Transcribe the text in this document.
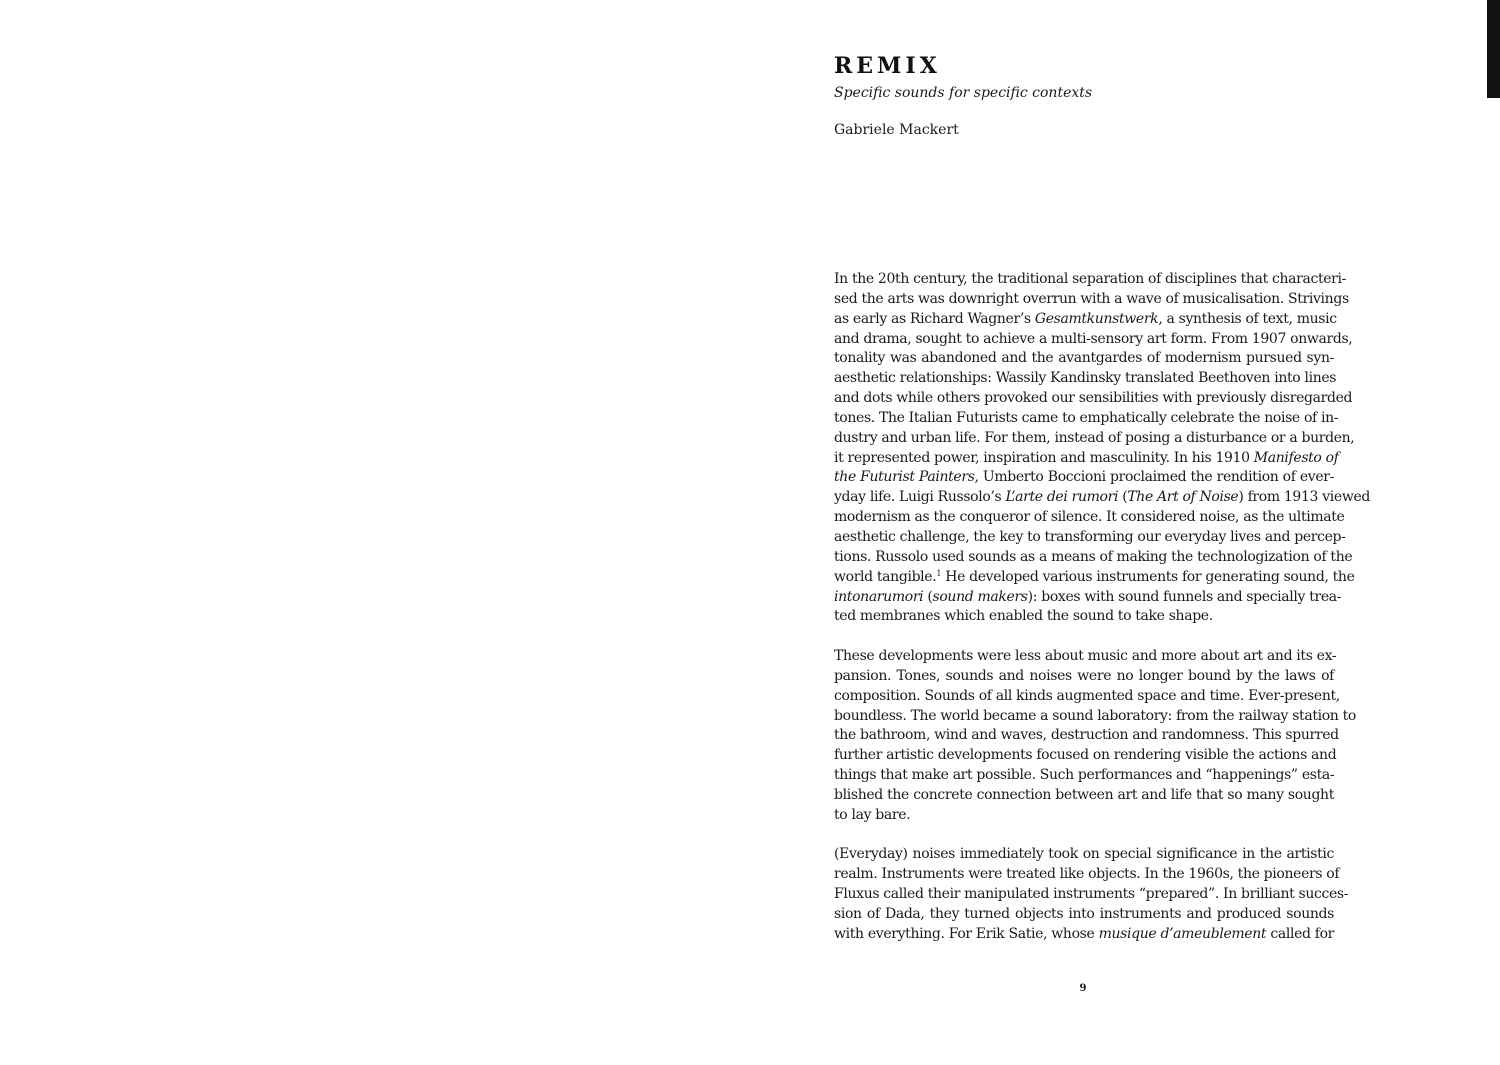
REMIX

Specific sounds for specific contexts

Gabriele Mackert

In the 20th century, the traditional separation of disciplines that characteri-
sed the arts was downright overrun with a wave of musicalisation. Strivings
as early as Richard Wagner’s Gesamtkunstwerk, a synthesis of text, music
and drama, sought to achieve a multi-sensory art form. From 1907 onwards,
tonality was abandoned and the avantgardes of modernism pursued syn-
aesthetic relationships: Wassily Kandinsky translated Beethoven into lines
and dots while others provoked our sensibilities with previously disregarded
tones. The Italian Futurists came to emphatically celebrate the noise of in-
dustry and urban life. For them, instead of posing a disturbance or a burden,
it represented power, inspiration and masculinity. In his 1910 Manifesto of
the Futurist Painters, Umberto Boccioni proclaimed the rendition of ever-
yday life. Luigi Russolo’s L’arte dei rumori (The Art of Noise) from 1913 viewed
modernism as the conqueror of silence. It considered noise, as the ultimate
aesthetic challenge, the key to transforming our everyday lives and percep-
tions. Russolo used sounds as a means of making the technologization of the
world tangible.$^1$ He developed various instruments for generating sound, the
intonarumori (sound makers): boxes with sound funnels and specially trea-
ted membranes which enabled the sound to take shape.
These developments were less about music and more about art and its ex-
pansion. Tones, sounds and noises were no longer bound by the laws of
composition. Sounds of all kinds augmented space and time. Ever-present,
boundless. The world became a sound laboratory: from the railway station to
the bathroom, wind and waves, destruction and randomness. This spurred
further artistic developments focused on rendering visible the actions and
things that make art possible. Such performances and “happenings” esta-
blished the concrete connection between art and life that so many sought
to lay bare.
(Everyday) noises immediately took on special significance in the artistic
realm. Instruments were treated like objects. In the 1960s, the pioneers of
Fluxus called their manipulated instruments “prepared”. In brilliant succes-
sion of Dada, they turned objects into instruments and produced sounds
with everything. For Erik Satie, whose musique d’ameublement called for
9
